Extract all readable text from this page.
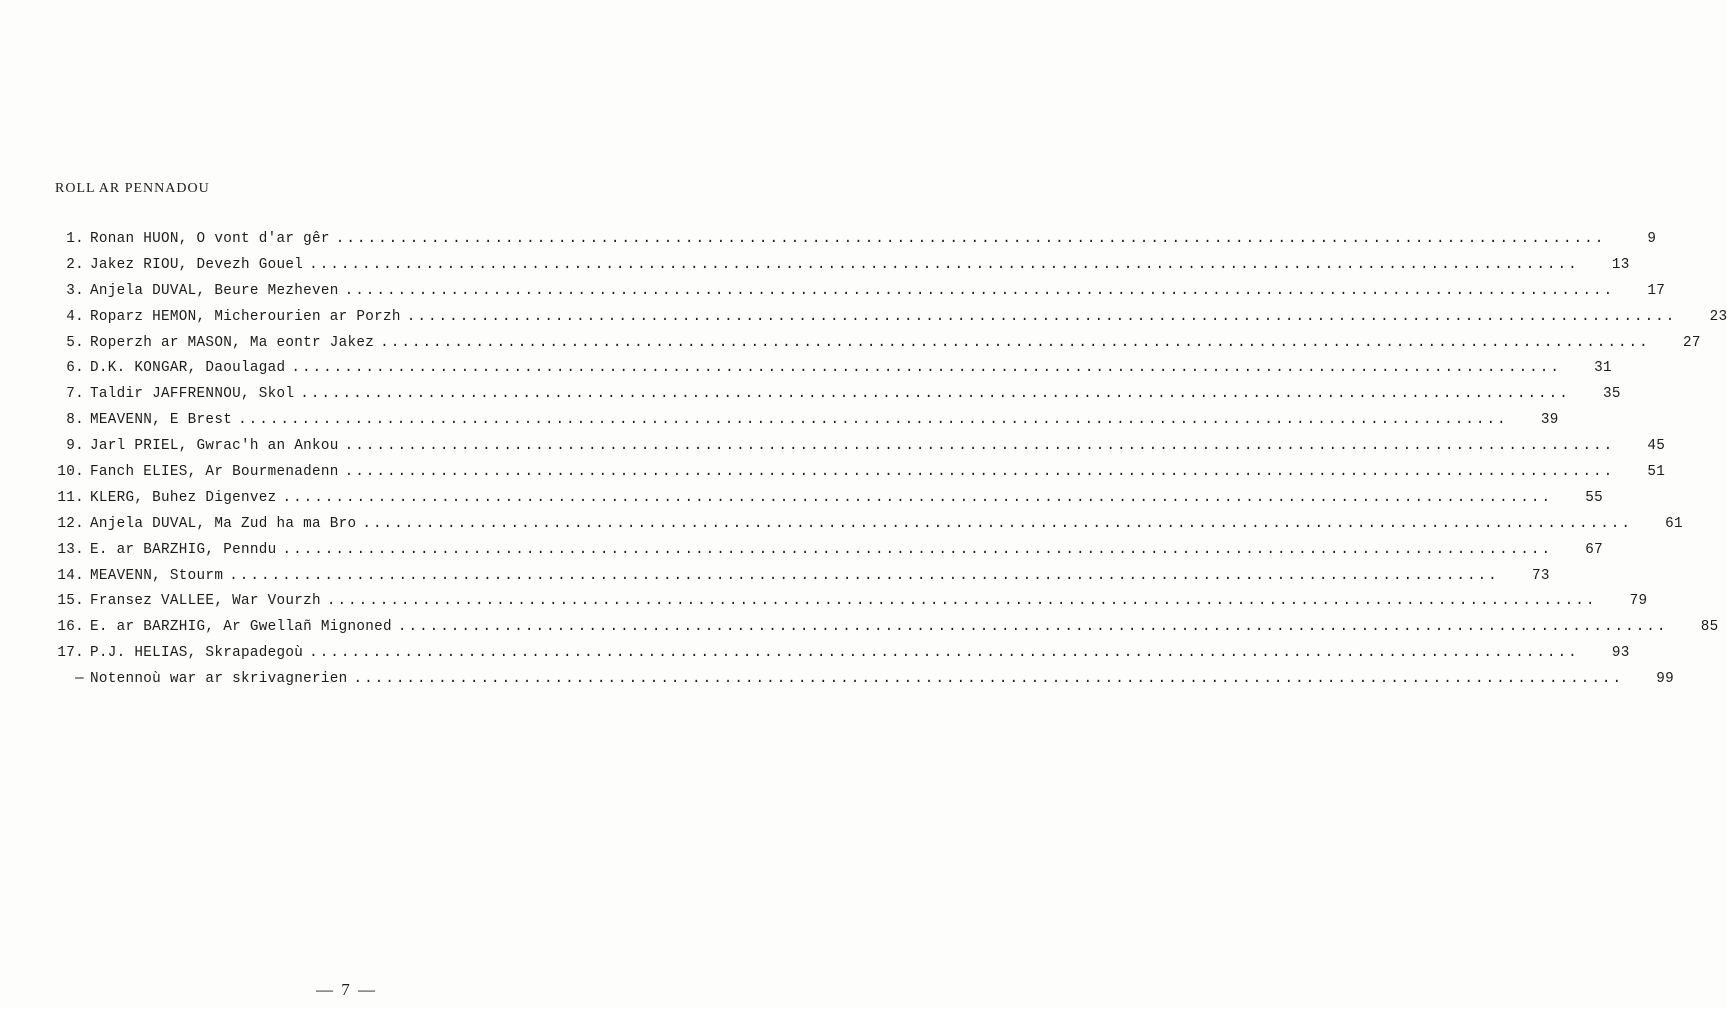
ROLL AR PENNADOU
1. Ronan HUON, O vont d'ar gêr ........................................................................................................................	9
2. Jakez RIOU, Devezh Gouel ........................................................................................................................	13
3. Anjela DUVAL, Beure Mezheven ........................................................................................................................	17
4. Roparz HEMON, Micherourien ar Porzh ........................................................................................................................	23
5. Roperzh ar MASON, Ma eontr Jakez ........................................................................................................................	27
6. D.K. KONGAR, Daoulagad ........................................................................................................................	31
7. Taldir JAFFRENNOU, Skol ........................................................................................................................	35
8. MEAVENN, E Brest ........................................................................................................................	39
9. Jarl PRIEL, Gwrac'h an Ankou ........................................................................................................................	45
10. Fanch ELIES, Ar Bourmenadenn ........................................................................................................................	51
11. KLERG, Buhez Digenvez ........................................................................................................................	55
12. Anjela DUVAL, Ma Zud ha ma Bro ........................................................................................................................	61
13. E. ar BARZHIG, Penndu ........................................................................................................................	67
14. MEAVENN, Stourm ........................................................................................................................	73
15. Fransez VALLEE, War Vourzh ........................................................................................................................	79
16. E. ar BARZHIG, Ar Gwellañ Mignoned ........................................................................................................................	85
17. P.J. HELIAS, Skrapadegoù ........................................................................................................................	93
— Notennoù war ar skrivagnerien ........................................................................................................................	99
— 7 —
